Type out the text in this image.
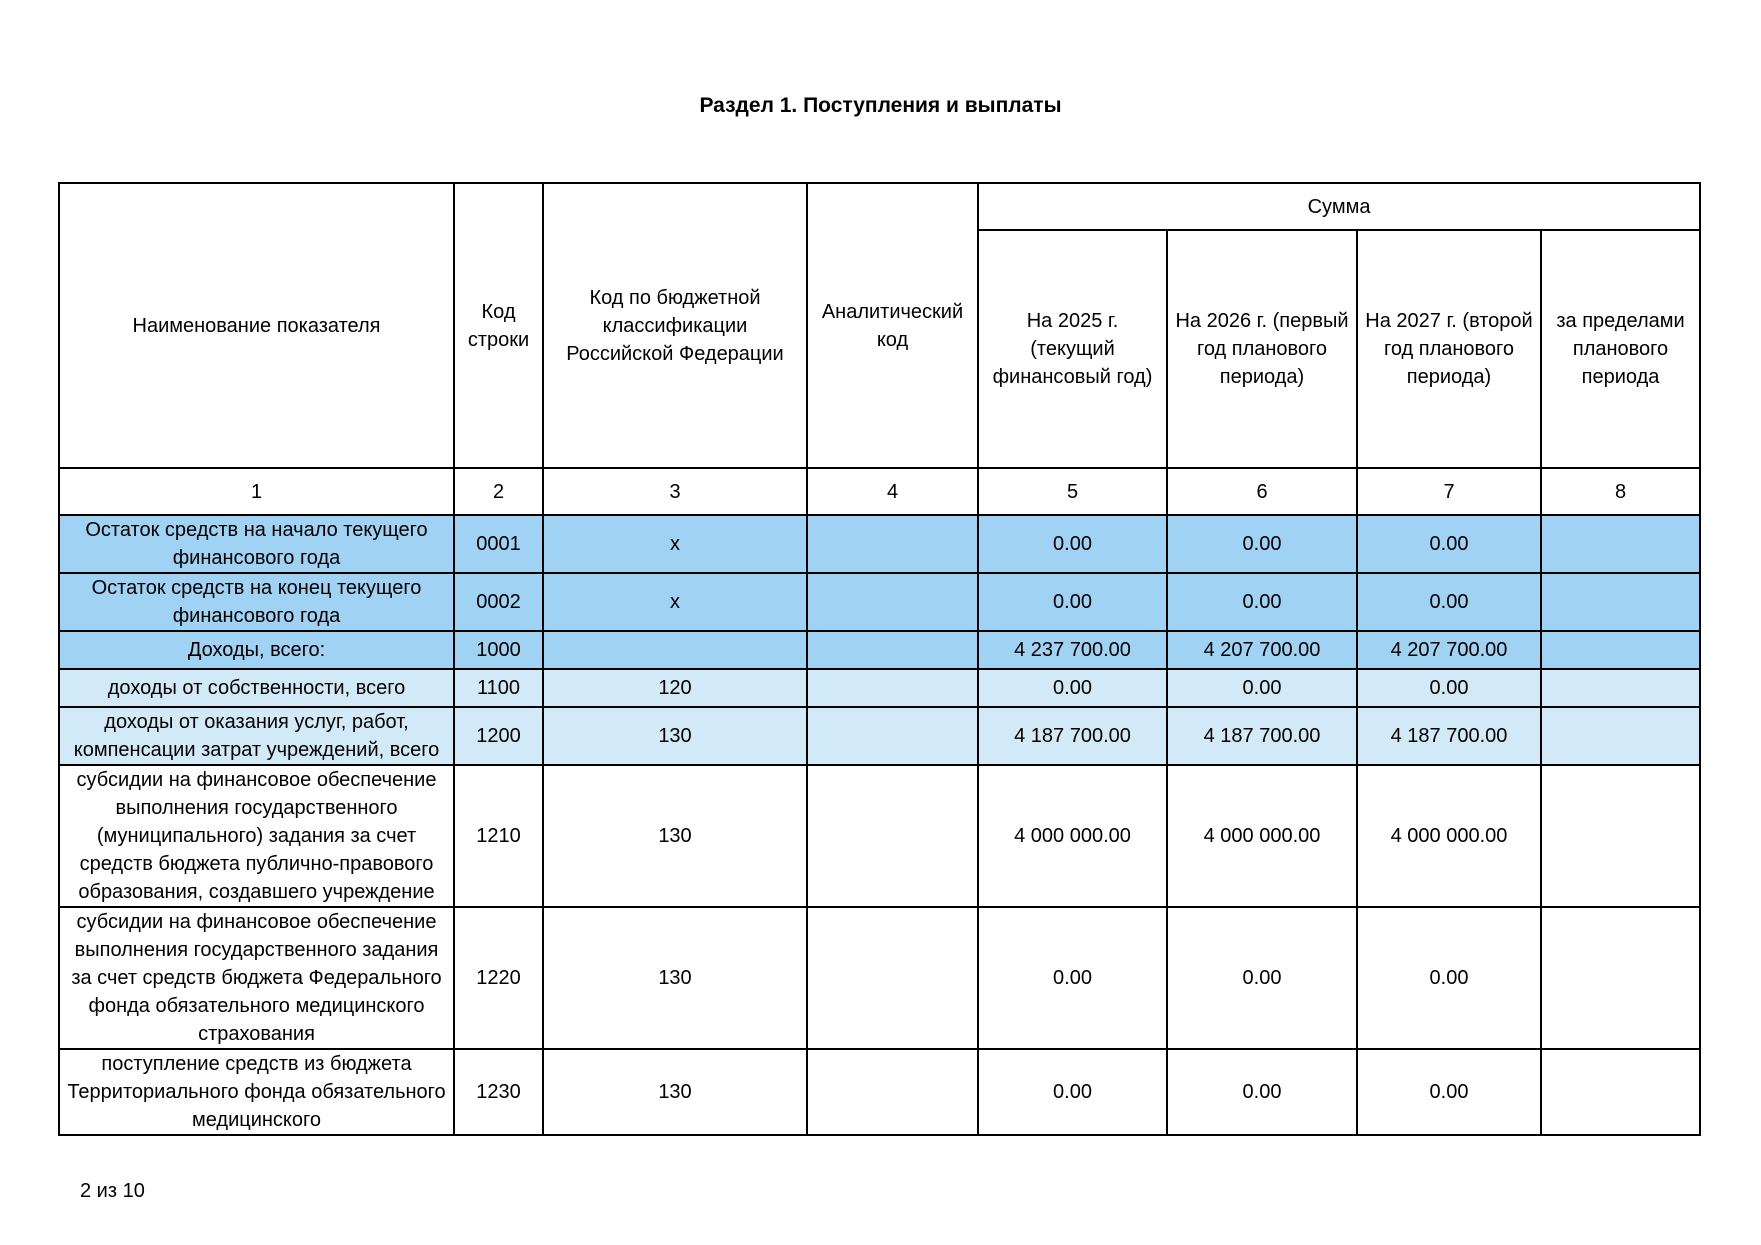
Раздел 1. Поступления и выплаты
Наименование показателя	Код строки	Код по бюджетной классификации Российской Федерации	Аналитический код	Сумма			
				На 2025 г. (текущий финансовый год)	На 2026 г. (первый год планового периода)	На 2027 г. (второй год планового периода)	за пределами планового периода
1	2	3	4	5	6	7	8
Остаток средств на начало текущего финансового года	0001	x		0.00	0.00	0.00	
Остаток средств на конец текущего финансового года	0002	x		0.00	0.00	0.00	
Доходы, всего:	1000			4 237 700.00	4 207 700.00	4 207 700.00	
доходы от собственности, всего	1100	120		0.00	0.00	0.00	
доходы от оказания услуг, работ, компенсации затрат учреждений, всего	1200	130		4 187 700.00	4 187 700.00	4 187 700.00	
субсидии на финансовое обеспечение выполнения государственного (муниципального) задания за счет средств бюджета публично-правового образования, создавшего учреждение	1210	130		4 000 000.00	4 000 000.00	4 000 000.00	
субсидии на финансовое обеспечение выполнения государственного задания за счет средств бюджета Федерального фонда обязательного медицинского страхования	1220	130		0.00	0.00	0.00	
поступление средств из бюджета Территориального фонда обязательного медицинского	1230	130		0.00	0.00	0.00	
2 из 10
